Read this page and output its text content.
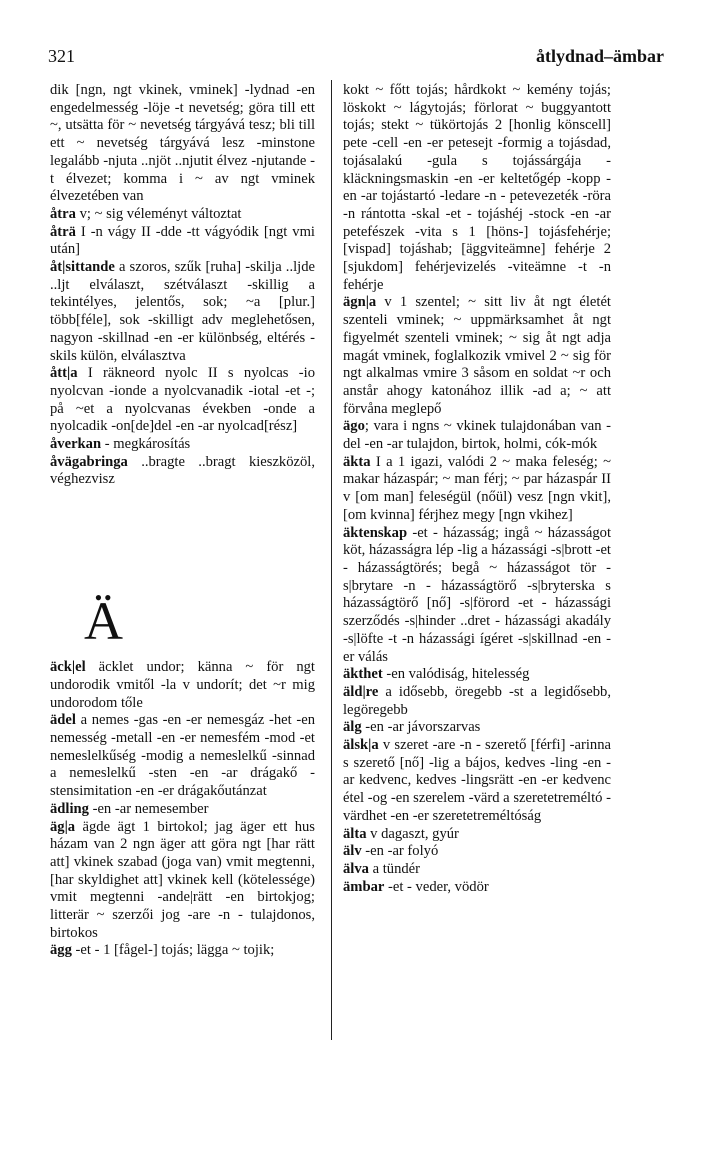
321	åtlydnad–ämbar

dik [ngn, ngt vkinek, vminek] -lydnad -en engedelmesség -löje -t nevetség; göra till ett ~, utsätta för ~ nevetség tárgyává tesz; bli till ett ~ nevetség tárgyává lesz -minstone legalább -njuta ..njöt ..njutit élvez -njutande -t élvezet; komma i ~ av ngt vminek élvezetében van

åtra v; ~ sig véleményt változtat

åträ I -n vágy II -dde -tt vágyódik [ngt vmi után]

åt|sittande a szoros, szűk [ruha] -skilja ..ljde ..ljt elválaszt, szétválaszt -skillig a tekintélyes, jelentős, sok; ~a [plur.] több[féle], sok -skilligt adv meglehetősen, nagyon -skillnad -en -er különbség, eltérés -skils külön, elválasztva

ått|a I räkneord nyolc II s nyolcas -io nyolcvan -ionde a nyolcvanadik -iotal -et -; på ~et a nyolcvanas években -onde a nyolcadik -on[de]del -en -ar nyolcad[rész]

åverkan - megkárosítás

åvägabringa ..bragte ..bragt kieszközöl, véghezvisz

Ä

äck|el äcklet undor; känna ~ för ngt undorodik vmitől -la v undorít; det ~r mig undorodom tőle

ädel a nemes -gas -en -er nemesgáz -het -en nemesség -metall -en -er nemesfém -mod -et nemeslelkűség -modig a nemeslelkű -sinnad a nemeslelkű -sten -en -ar drágakő -stensimitation -en -er drágakőutánzat

ädling -en -ar nemesember

äg|a ägde ägt 1 birtokol; jag äger ett hus házam van 2 ngn äger att göra ngt [har rätt att] vkinek szabad (joga van) vmit megtenni, [har skyldighet att] vkinek kell (kötelessége) vmit megtenni -ande|rätt -en birtokjog; litterär ~ szerzői jog -are -n - tulajdonos, birtokos

ägg -et - 1 [fågel-] tojás; lägga ~ tojik;

kokt ~ főtt tojás; hårdkokt ~ kemény tojás; löskokt ~ lágytojás; förlorat ~ buggyantott tojás; stekt ~ tükörtojás 2 [honlig könscell] pete -cell -en -er petesejt -formig a tojásdad, tojásalakú -gula s tojássárgája -kläckningsmaskin -en -er keltetőgép -kopp -en -ar tojástartó -ledare -n - petevezeték -röra -n rántotta -skal -et - tojáshéj -stock -en -ar petefészek -vita s 1 [höns-] tojásfehérje; [vispad] tojáshab; [äggviteämne] fehérje 2 [sjukdom] fehérjevizelés -viteämne -t -n fehérje

ägn|a v 1 szentel; ~ sitt liv åt ngt életét szenteli vminek; ~ uppmärksamhet åt ngt figyelmét szenteli vminek; ~ sig åt ngt adja magát vminek, foglalkozik vmivel 2 ~ sig för ngt alkalmas vmire 3 såsom en soldat ~r och anstår ahogy katonához illik -ad a; ~ att förvåna meglepő

ägo; vara i ngns ~ vkinek tulajdonában van -del -en -ar tulajdon, birtok, holmi, cók-mók

äkta I a 1 igazi, valódi 2 ~ maka feleség; ~ makar házaspár; ~ man férj; ~ par házaspár II v [om man] feleségül (nőül) vesz [ngn vkit], [om kvinna] férjhez megy [ngn vkihez]

äktenskap -et - házasság; ingå ~ házasságot köt, házasságra lép -lig a házassági -s|brott -et - házasságtörés; begå ~ házasságot tör -s|brytare -n - házasságtörő -s|bryterska s házasságtörő [nő] -s|förord -et - házassági szerződés -s|hinder ..dret - házassági akadály -s|löfte -t -n házassági ígéret -s|skillnad -en -er válás

äkthet -en valódiság, hitelesség

äld|re a idősebb, öregebb -st a legidősebb, legöregebb

älg -en -ar jávorszarvas

älsk|a v szeret -are -n - szerető [férfi] -arinna s szerető [nő] -lig a bájos, kedves -ling -en -ar kedvenc, kedves -lingsrätt -en -er kedvenc étel -og -en szerelem -värd a szeretetreméltó -värdhet -en -er szeretetreméltóság

älta v dagaszt, gyúr

älv -en -ar folyó

älva a tündér

ämbar -et - veder, vödör
